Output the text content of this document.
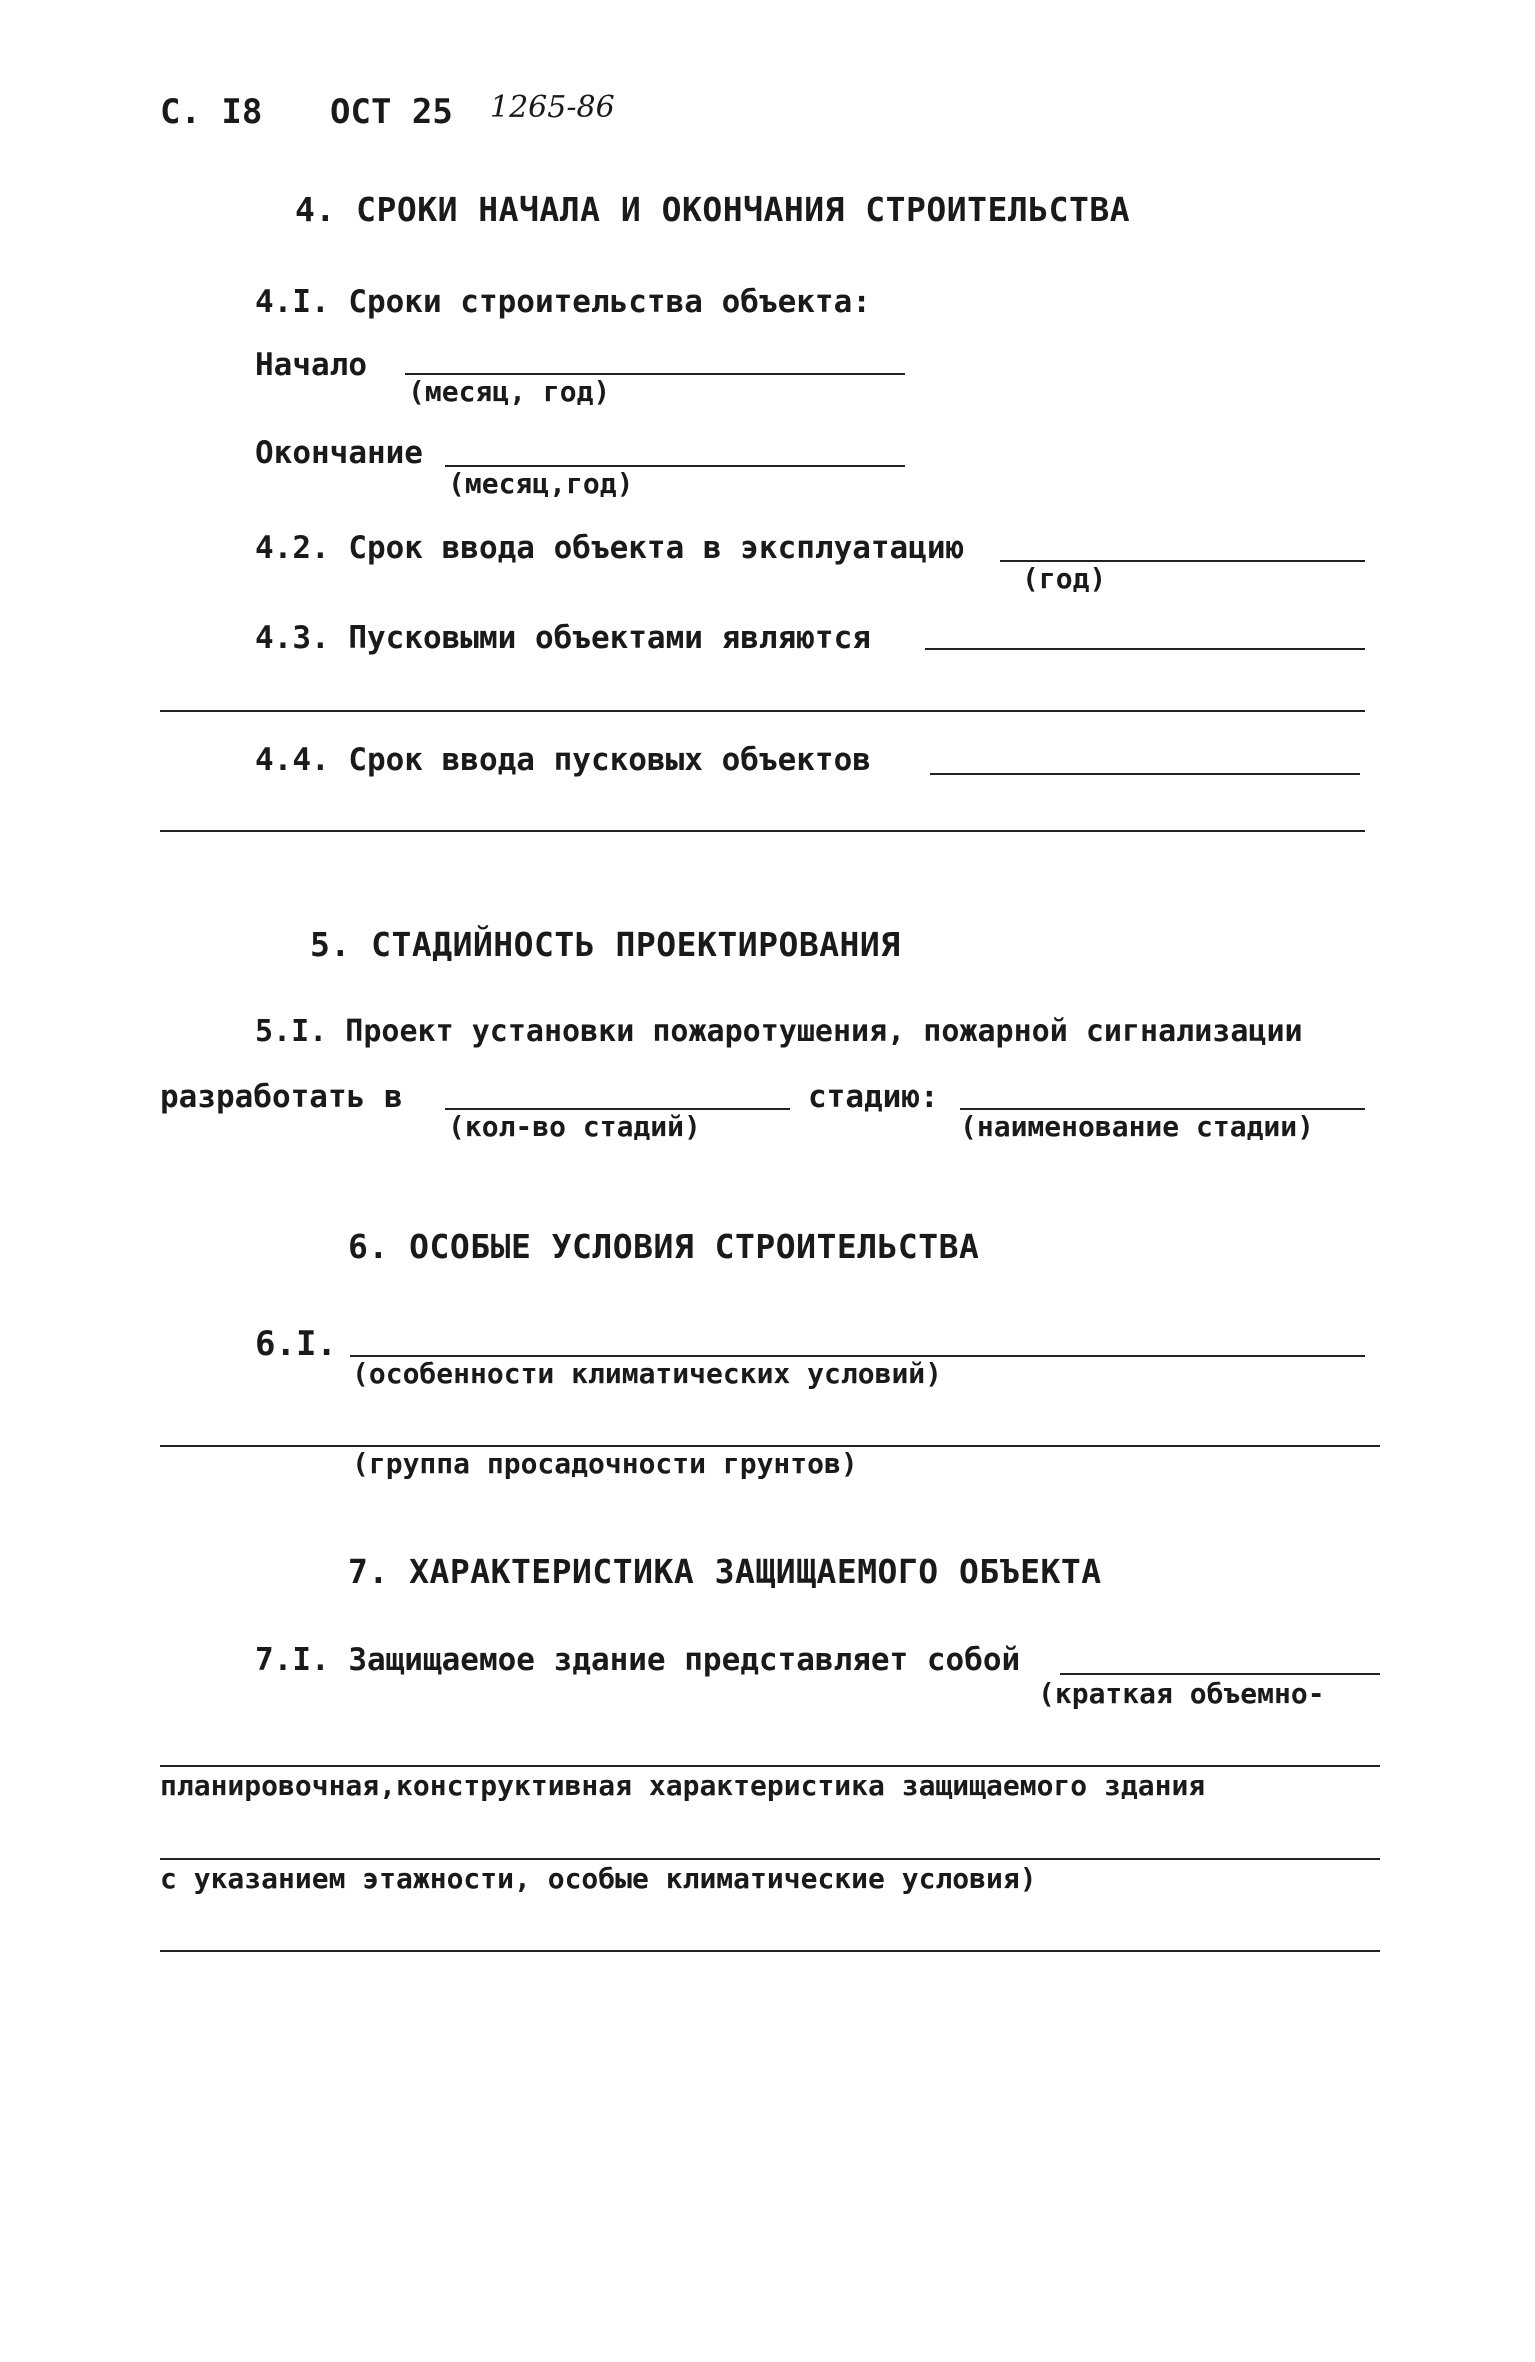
С. I8 ОСТ 25 1265-86
4. СРОКИ НАЧАЛА И ОКОНЧАНИЯ СТРОИТЕЛЬСТВА
4.I. Сроки строительства объекта:
Начало
(месяц, год)
Окончание
(месяц,год)
4.2. Срок ввода объекта в эксплуатацию
(год)
4.3. Пусковыми объектами являются
4.4. Срок ввода пусковых объектов
5. СТАДИЙНОСТЬ ПРОЕКТИРОВАНИЯ
5.I. Проект установки пожаротушения, пожарной сигнализации
разработать в
(кол-во стадий)
стадию:
(наименование стадии)
6. ОСОБЫЕ УСЛОВИЯ СТРОИТЕЛЬСТВА
6.I.
(особенности климатических условий)
(группа просадочности грунтов)
7. ХАРАКТЕРИСТИКА ЗАЩИЩАЕМОГО ОБЪЕКТА
7.I. Защищаемое здание представляет собой
(краткая объемно-
планировочная,конструктивная характеристика защищаемого здания
с указанием этажности, особые климатические условия)
